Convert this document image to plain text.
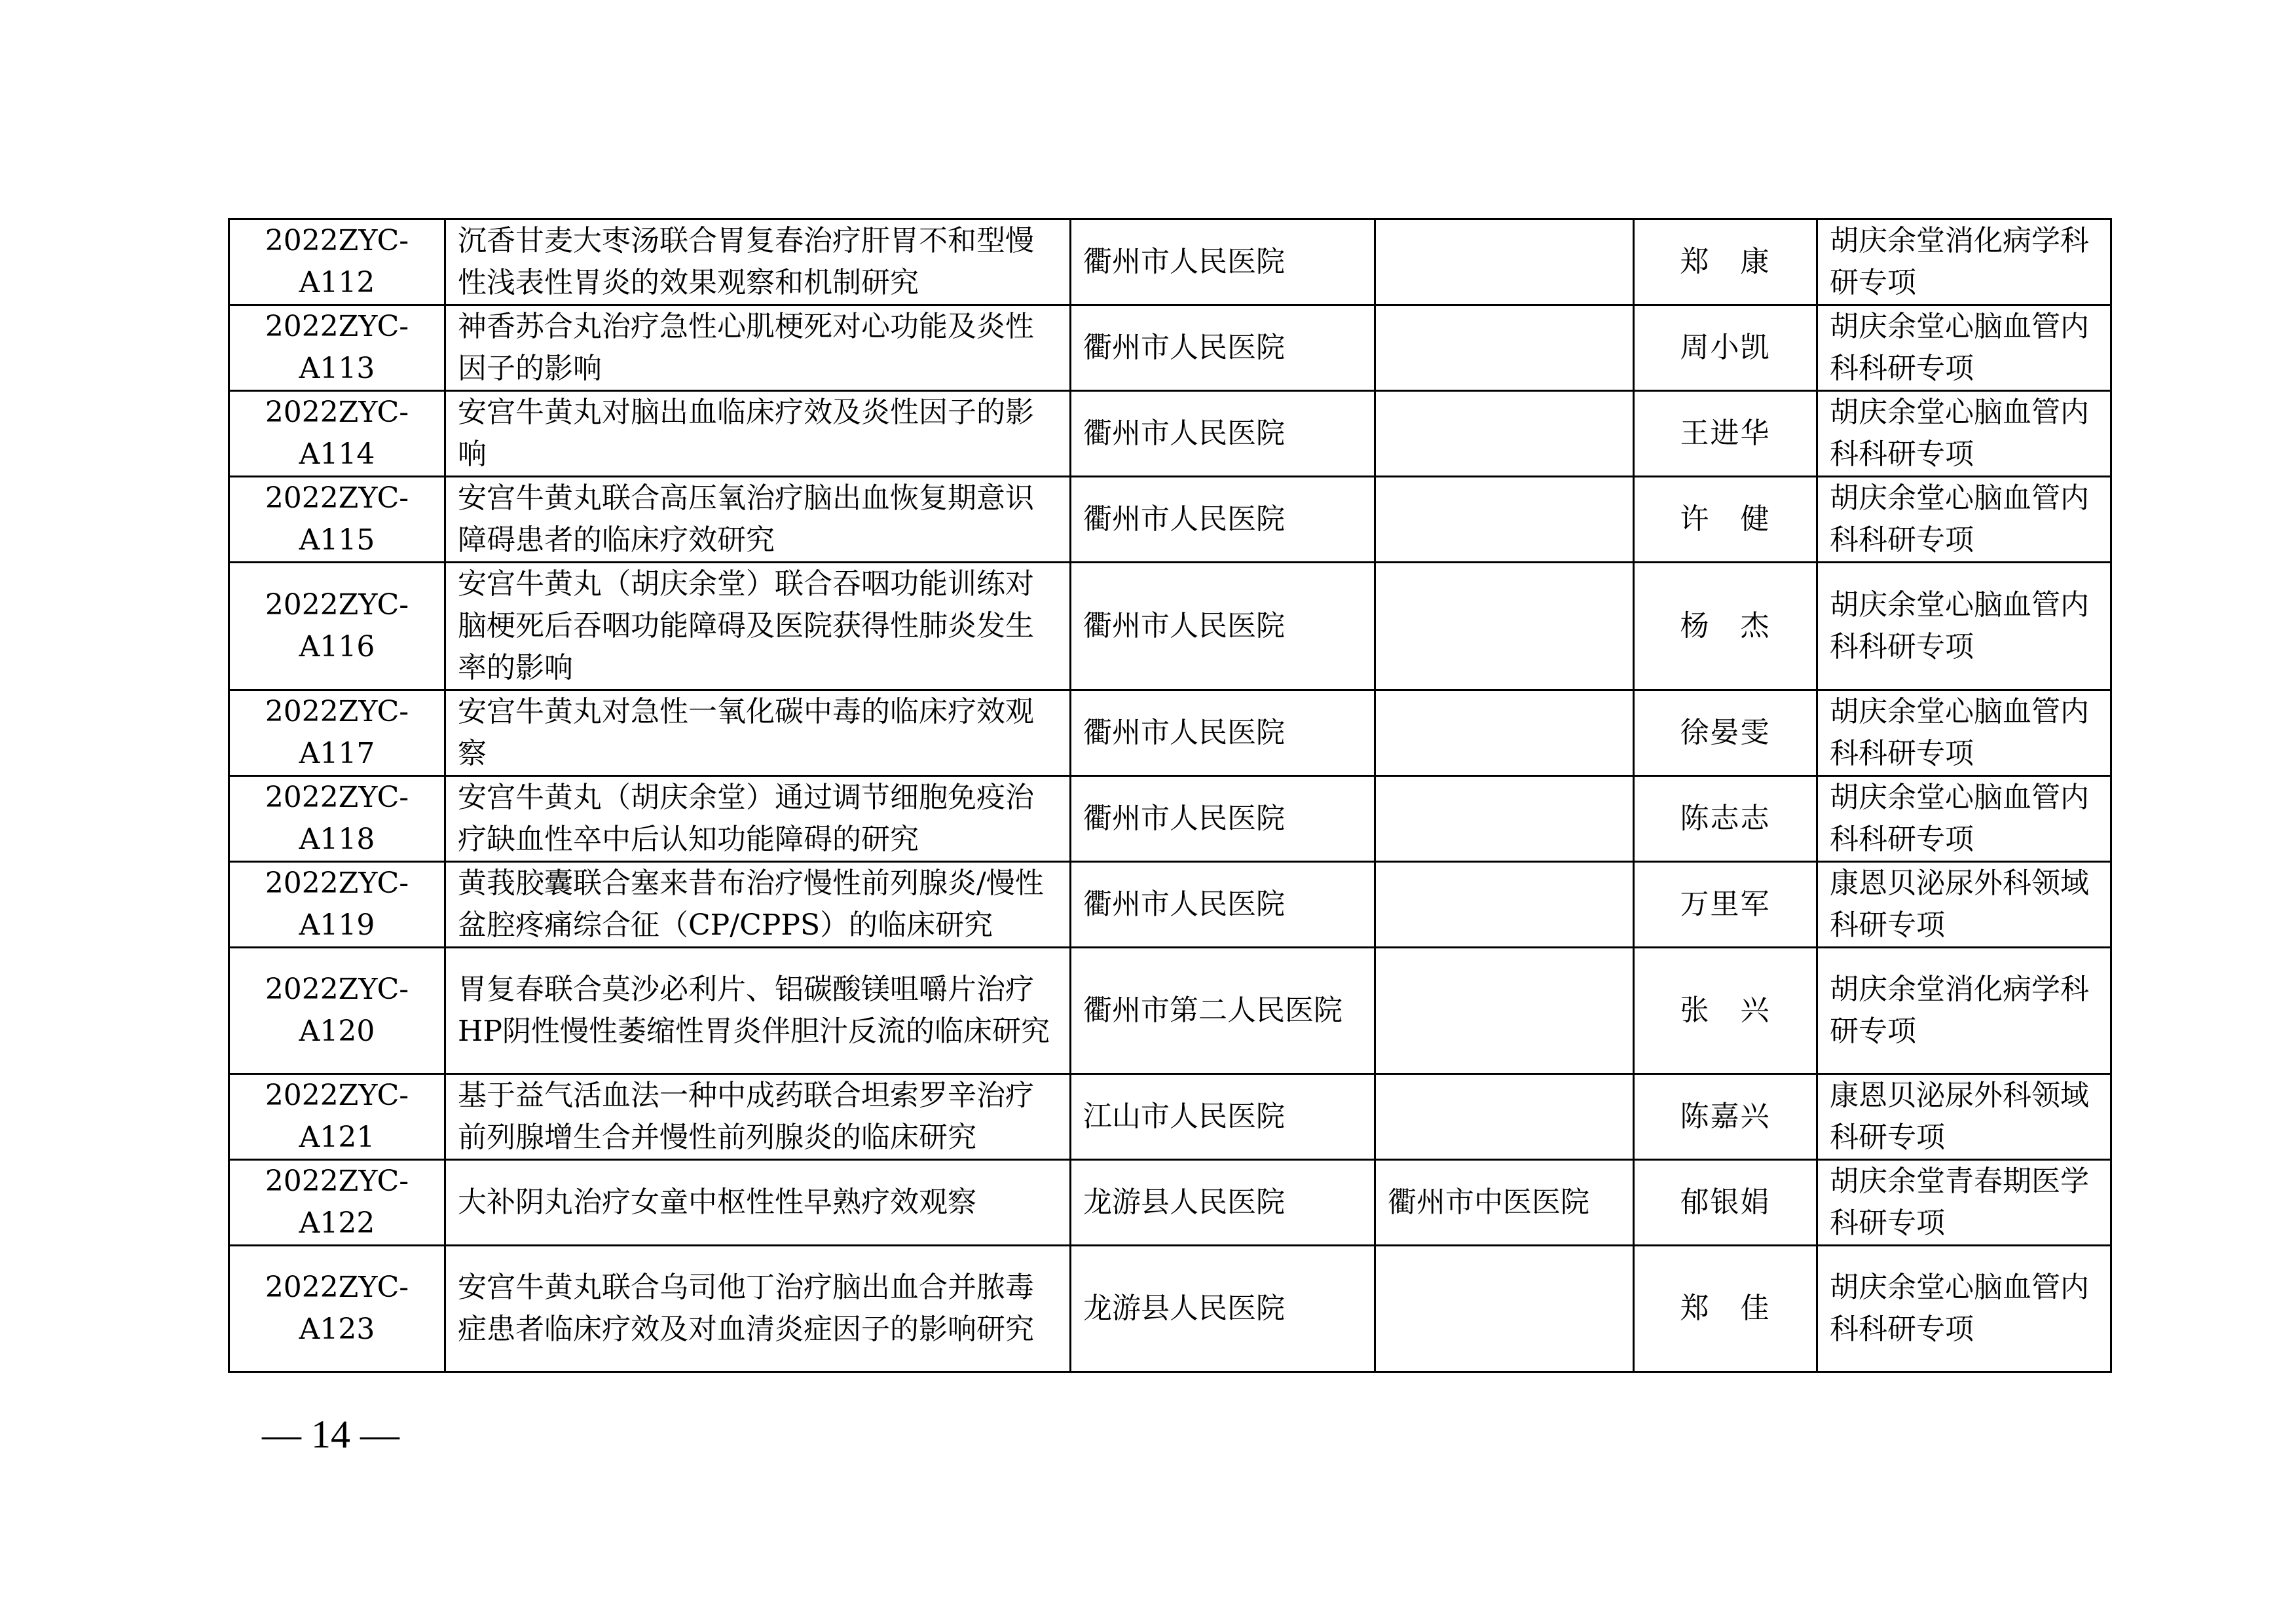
2022ZYC-A112	沉香甘麦大枣汤联合胃复春治疗肝胃不和型慢性浅表性胃炎的效果观察和机制研究	衢州市人民医院		郑　康	胡庆余堂消化病学科研专项
2022ZYC-A113	神香苏合丸治疗急性心肌梗死对心功能及炎性因子的影响	衢州市人民医院		周小凯	胡庆余堂心脑血管内科科研专项
2022ZYC-A114	安宫牛黄丸对脑出血临床疗效及炎性因子的影响	衢州市人民医院		王进华	胡庆余堂心脑血管内科科研专项
2022ZYC-A115	安宫牛黄丸联合高压氧治疗脑出血恢复期意识障碍患者的临床疗效研究	衢州市人民医院		许　健	胡庆余堂心脑血管内科科研专项
2022ZYC-A116	安宫牛黄丸（胡庆余堂）联合吞咽功能训练对脑梗死后吞咽功能障碍及医院获得性肺炎发生率的影响	衢州市人民医院		杨　杰	胡庆余堂心脑血管内科科研专项
2022ZYC-A117	安宫牛黄丸对急性一氧化碳中毒的临床疗效观察	衢州市人民医院		徐晏雯	胡庆余堂心脑血管内科科研专项
2022ZYC-A118	安宫牛黄丸（胡庆余堂）通过调节细胞免疫治疗缺血性卒中后认知功能障碍的研究	衢州市人民医院		陈志志	胡庆余堂心脑血管内科科研专项
2022ZYC-A119	黄莪胶囊联合塞来昔布治疗慢性前列腺炎/慢性盆腔疼痛综合征（CP/CPPS）的临床研究	衢州市人民医院		万里军	康恩贝泌尿外科领域科研专项
2022ZYC-A120	胃复春联合莫沙必利片、铝碳酸镁咀嚼片治疗HP阴性慢性萎缩性胃炎伴胆汁反流的临床研究	衢州市第二人民医院		张　兴	胡庆余堂消化病学科研专项
2022ZYC-A121	基于益气活血法一种中成药联合坦索罗辛治疗前列腺增生合并慢性前列腺炎的临床研究	江山市人民医院		陈嘉兴	康恩贝泌尿外科领域科研专项
2022ZYC-A122	大补阴丸治疗女童中枢性性早熟疗效观察	龙游县人民医院	衢州市中医医院	郁银娟	胡庆余堂青春期医学科研专项
2022ZYC-A123	安宫牛黄丸联合乌司他丁治疗脑出血合并脓毒症患者临床疗效及对血清炎症因子的影响研究	龙游县人民医院		郑　佳	胡庆余堂心脑血管内科科研专项
— 14 —
